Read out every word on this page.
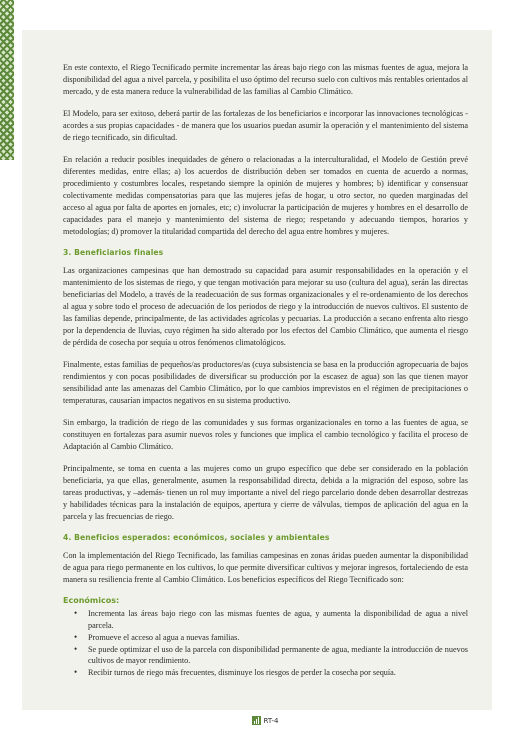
En este contexto, el Riego Tecnificado permite incrementar las áreas bajo riego con las mismas fuentes de agua, mejora la disponibilidad del agua a nivel parcela, y posibilita el uso óptimo del recurso suelo con cultivos más rentables orientados al mercado, y de esta manera reduce la vulnerabilidad de las familias al Cambio Climático.

El Modelo, para ser exitoso, deberá partir de las fortalezas de los beneficiarios e incorporar las innovaciones tecnológicas - acordes a sus propias capacidades - de manera que los usuarios puedan asumir la operación y el mantenimiento del sistema de riego tecnificado, sin dificultad.

En relación a reducir posibles inequidades de género o relacionadas a la interculturalidad, el Modelo de Gestión prevé diferentes medidas, entre ellas; a) los acuerdos de distribución deben ser tomados en cuenta de acuerdo a normas, procedimiento y costumbres locales, respetando siempre la opinión de mujeres y hombres; b) identificar y consensuar colectivamente medidas compensatorias para que las mujeres jefas de hogar, u otro sector, no queden marginadas del acceso al agua por falta de aportes en jornales, etc; c) involucrar la participación de mujeres y hombres en el desarrollo de capacidades para el manejo y mantenimiento del sistema de riego; respetando y adecuando tiempos, horarios y metodologías; d) promover la titularidad compartida del derecho del agua entre hombres y mujeres.

3. Beneficiarios finales

Las organizaciones campesinas que han demostrado su capacidad para asumir responsabilidades en la operación y el mantenimiento de los sistemas de riego, y que tengan motivación para mejorar su uso (cultura del agua), serán las directas beneficiarias del Modelo, a través de la readecuación de sus formas organizacionales y el re-ordenamiento de los derechos al agua y sobre todo el proceso de adecuación de los periodos de riego y la introducción de nuevos cultivos. El sustento de las familias depende, principalmente, de las actividades agrícolas y pecuarias. La producción a secano enfrenta alto riesgo por la dependencia de lluvias, cuyo régimen ha sido alterado por los efectos del Cambio Climático, que aumenta el riesgo de pérdida de cosecha por sequía u otros fenómenos climatológicos.

Finalmente, estas familias de pequeños/as productores/as (cuya subsistencia se basa en la producción agropecuaria de bajos rendimientos y con pocas posibilidades de diversificar su producción por la escasez de agua) son las que tienen mayor sensibilidad ante las amenazas del Cambio Climático, por lo que cambios imprevistos en el régimen de precipitaciones o temperaturas, causarían impactos negativos en su sistema productivo.

Sin embargo, la tradición de riego de las comunidades y sus formas organizacionales en torno a las fuentes de agua, se constituyen en fortalezas para asumir nuevos roles y funciones que implica el cambio tecnológico y facilita el proceso de Adaptación al Cambio Climático.

Principalmente, se toma en cuenta a las mujeres como un grupo específico que debe ser considerado en la población beneficiaria, ya que ellas, generalmente, asumen la responsabilidad directa, debida a la migración del esposo, sobre las tareas productivas, y –además- tienen un rol muy importante a nivel del riego parcelario donde deben desarrollar destrezas y habilidades técnicas para la instalación de equipos, apertura y cierre de válvulas, tiempos de aplicación del agua en la parcela y las frecuencias de riego.

4. Beneficios esperados: económicos, sociales y ambientales

Con la implementación del Riego Tecnificado, las familias campesinas en zonas áridas pueden aumentar la disponibilidad de agua para riego permanente en los cultivos, lo que permite diversificar cultivos y mejorar ingresos, fortaleciendo de esta manera su resiliencia frente al Cambio Climático. Los beneficios específicos del Riego Tecnificado son:

Económicos:
• Incrementa las áreas bajo riego con las mismas fuentes de agua, y aumenta la disponibilidad de agua a nivel parcela.
• Promueve el acceso al agua a nuevas familias.
• Se puede optimizar el uso de la parcela con disponibilidad permanente de agua, mediante la introducción de nuevos cultivos de mayor rendimiento.
• Recibir turnos de riego más frecuentes, disminuye los riesgos de perder la cosecha por sequía.
RT-4
